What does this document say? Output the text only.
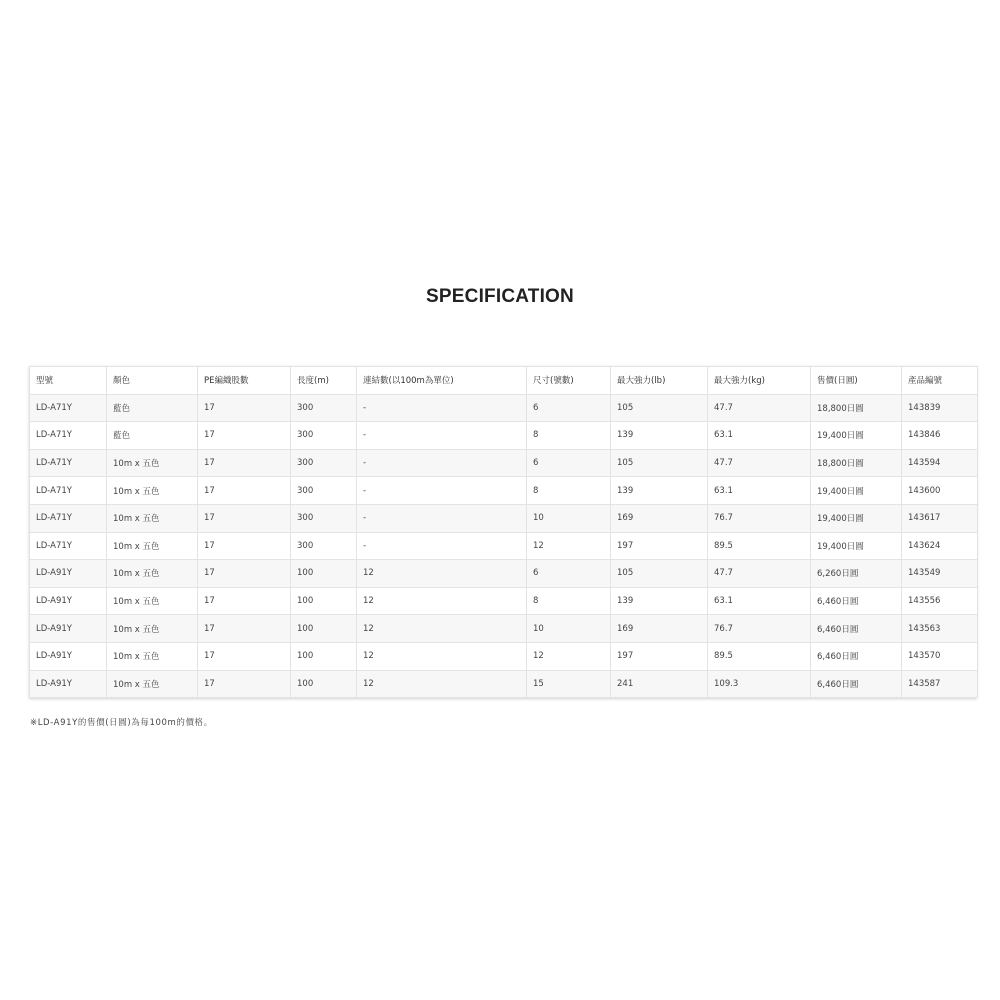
SPECIFICATION
型號	顏色	PE編織股數	長度(m)	連結數(以100m為單位)	尺寸(號數)	最大強力(lb)	最大強力(kg)	售價(日圓)	產品編號
LD-A71Y	藍色	17	300	-	6	105	47.7	18,800日圓	143839
LD-A71Y	藍色	17	300	-	8	139	63.1	19,400日圓	143846
LD-A71Y	10m x 五色	17	300	-	6	105	47.7	18,800日圓	143594
LD-A71Y	10m x 五色	17	300	-	8	139	63.1	19,400日圓	143600
LD-A71Y	10m x 五色	17	300	-	10	169	76.7	19,400日圓	143617
LD-A71Y	10m x 五色	17	300	-	12	197	89.5	19,400日圓	143624
LD-A91Y	10m x 五色	17	100	12	6	105	47.7	6,260日圓	143549
LD-A91Y	10m x 五色	17	100	12	8	139	63.1	6,460日圓	143556
LD-A91Y	10m x 五色	17	100	12	10	169	76.7	6,460日圓	143563
LD-A91Y	10m x 五色	17	100	12	12	197	89.5	6,460日圓	143570
LD-A91Y	10m x 五色	17	100	12	15	241	109.3	6,460日圓	143587
※LD-A91Y的售價(日圓)為每100m的價格。
